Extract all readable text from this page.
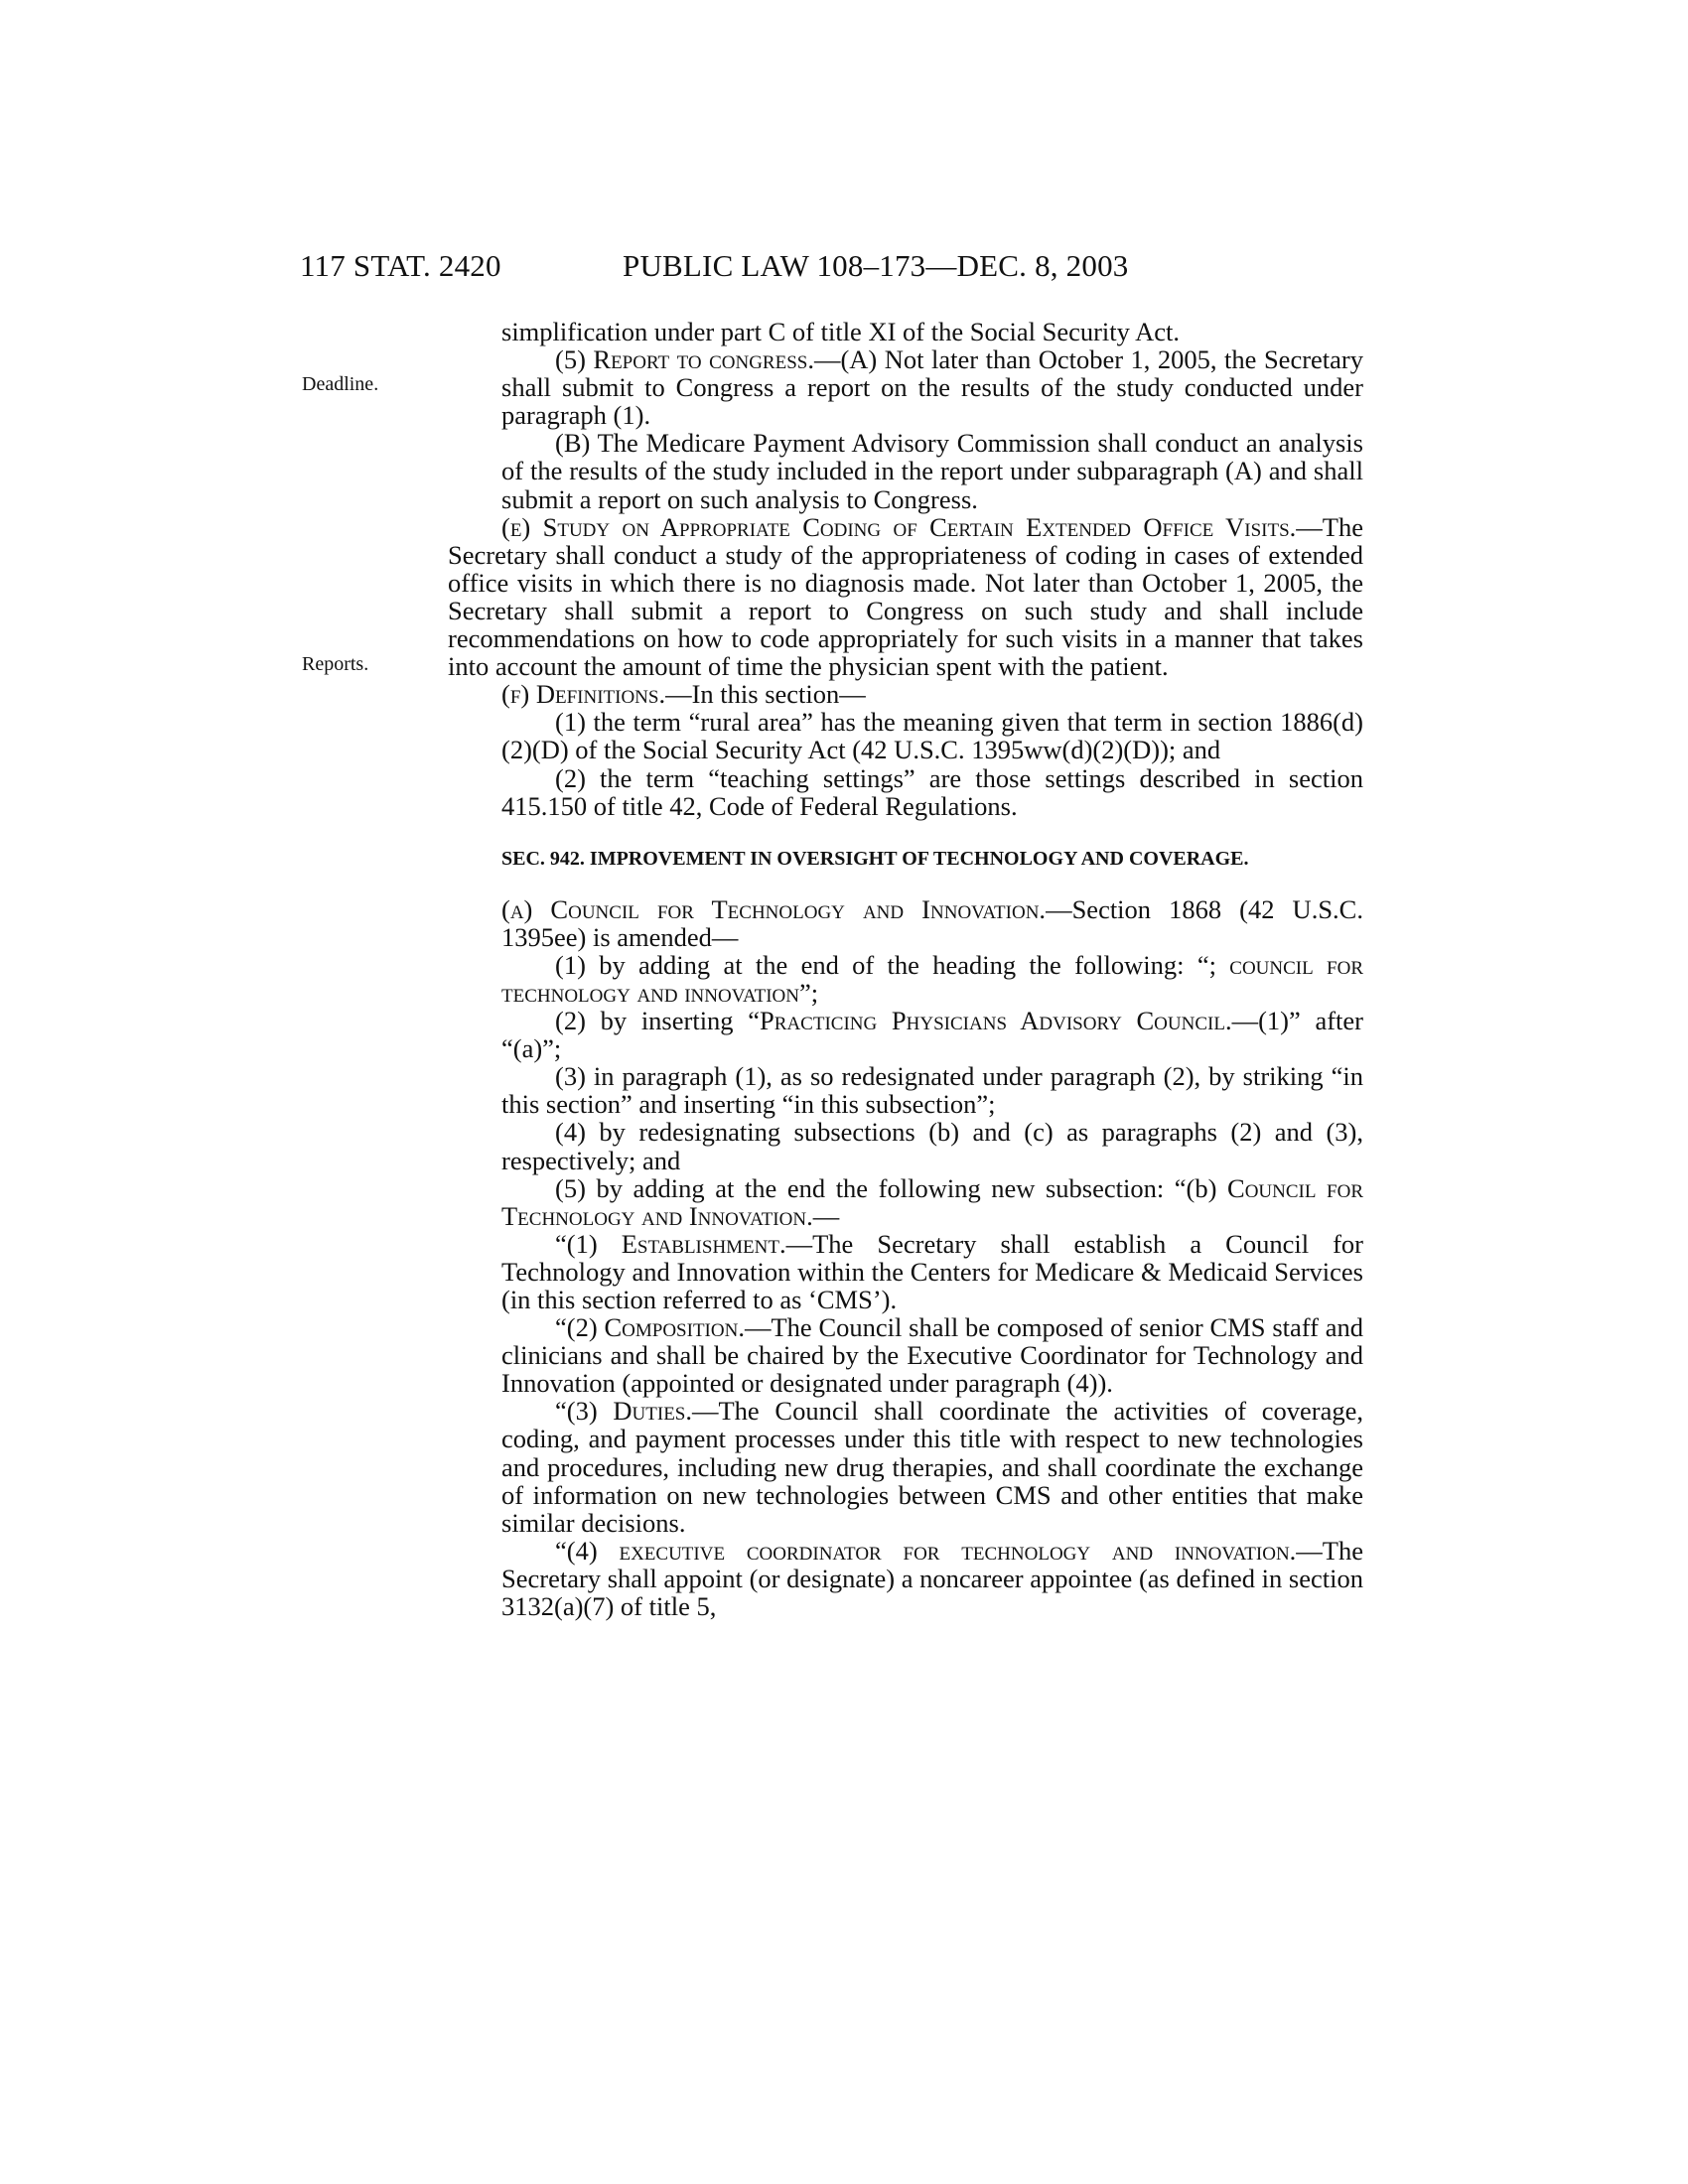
117 STAT. 2420	PUBLIC LAW 108–173—DEC. 8, 2003
Deadline.
Reports.

simplification under part C of title XI of the Social Security Act.

(5) Report to congress.—(A) Not later than October 1, 2005, the Secretary shall submit to Congress a report on the results of the study conducted under paragraph (1).

(B) The Medicare Payment Advisory Commission shall conduct an analysis of the results of the study included in the report under subparagraph (A) and shall submit a report on such analysis to Congress.

(e) Study on Appropriate Coding of Certain Extended Office Visits.—The Secretary shall conduct a study of the appropriateness of coding in cases of extended office visits in which there is no diagnosis made. Not later than October 1, 2005, the Secretary shall submit a report to Congress on such study and shall include recommendations on how to code appropriately for such visits in a manner that takes into account the amount of time the physician spent with the patient.

(f) Definitions.—In this section—

(1) the term “rural area” has the meaning given that term in section 1886(d)(2)(D) of the Social Security Act (42 U.S.C. 1395ww(d)(2)(D)); and

(2) the term “teaching settings” are those settings described in section 415.150 of title 42, Code of Federal Regulations.

SEC. 942. IMPROVEMENT IN OVERSIGHT OF TECHNOLOGY AND COVERAGE.

(a) Council for Technology and Innovation.—Section 1868 (42 U.S.C. 1395ee) is amended—

(1) by adding at the end of the heading the following: “; council for technology and innovation”;

(2) by inserting “Practicing Physicians Advisory Council.—(1)” after “(a)”;

(3) in paragraph (1), as so redesignated under paragraph (2), by striking “in this section” and inserting “in this subsection”;

(4) by redesignating subsections (b) and (c) as paragraphs (2) and (3), respectively; and

(5) by adding at the end the following new subsection: “(b) Council for Technology and Innovation.—

“(1) Establishment.—The Secretary shall establish a Council for Technology and Innovation within the Centers for Medicare & Medicaid Services (in this section referred to as ‘CMS’).

“(2) Composition.—The Council shall be composed of senior CMS staff and clinicians and shall be chaired by the Executive Coordinator for Technology and Innovation (appointed or designated under paragraph (4)).

“(3) Duties.—The Council shall coordinate the activities of coverage, coding, and payment processes under this title with respect to new technologies and procedures, including new drug therapies, and shall coordinate the exchange of information on new technologies between CMS and other entities that make similar decisions.

“(4) executive coordinator for technology and innovation.—The Secretary shall appoint (or designate) a noncareer appointee (as defined in section 3132(a)(7) of title 5,
